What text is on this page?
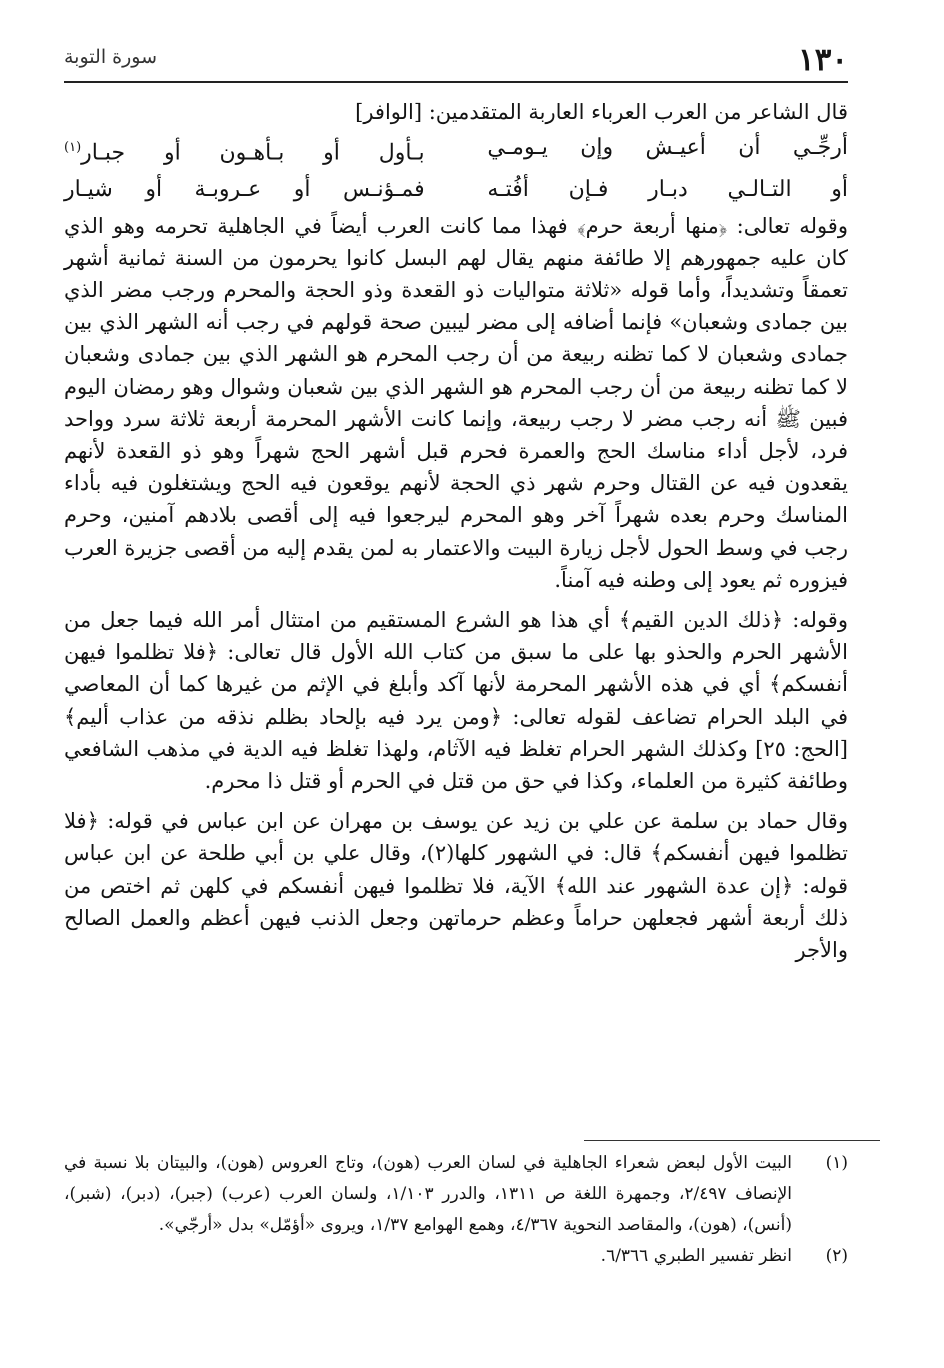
١٣٠
سورة التوبة

قال الشاعر من العرب العرباء العاربة المتقدمين: [الوافر]

أرجِّـي أن أعيـش وإن يـومـي
بـأول أو بـأهـون أو جبـار$^{(١)}$
أو التـالـي دبـار فـإن أفُتـه
فمـؤنـس أو عـروبـة أو شيـار

وقوله تعالى: ﴿منها أربعة حرم﴾ فهذا مما كانت العرب أيضاً في الجاهلية تحرمه وهو الذي كان عليه جمهورهم إلا طائفة منهم يقال لهم البسل كانوا يحرمون من السنة ثمانية أشهر تعمقاً وتشديداً، وأما قوله «ثلاثة متواليات ذو القعدة وذو الحجة والمحرم ورجب مضر الذي بين جمادى وشعبان» فإنما أضافه إلى مضر ليبين صحة قولهم في رجب أنه الشهر الذي بين جمادى وشعبان لا كما تظنه ربيعة من أن رجب المحرم هو الشهر الذي بين جمادى وشعبان لا كما تظنه ربيعة من أن رجب المحرم هو الشهر الذي بين شعبان وشوال وهو رمضان اليوم فبين ﷺ أنه رجب مضر لا رجب ربيعة، وإنما كانت الأشهر المحرمة أربعة ثلاثة سرد وواحد فرد، لأجل أداء مناسك الحج والعمرة فحرم قبل أشهر الحج شهراً وهو ذو القعدة لأنهم يقعدون فيه عن القتال وحرم شهر ذي الحجة لأنهم يوقعون فيه الحج ويشتغلون فيه بأداء المناسك وحرم بعده شهراً آخر وهو المحرم ليرجعوا فيه إلى أقصى بلادهم آمنين، وحرم رجب في وسط الحول لأجل زيارة البيت والاعتمار به لمن يقدم إليه من أقصى جزيرة العرب فيزوره ثم يعود إلى وطنه فيه آمناً.

وقوله: ﴿ذلك الدين القيم﴾ أي هذا هو الشرع المستقيم من امتثال أمر الله فيما جعل من الأشهر الحرم والحذو بها على ما سبق من كتاب الله الأول قال تعالى: ﴿فلا تظلموا فيهن أنفسكم﴾ أي في هذه الأشهر المحرمة لأنها آكد وأبلغ في الإثم من غيرها كما أن المعاصي في البلد الحرام تضاعف لقوله تعالى: ﴿ومن يرد فيه بإلحاد بظلم نذقه من عذاب أليم﴾ [الحج: ٢٥] وكذلك الشهر الحرام تغلظ فيه الآثام، ولهذا تغلظ فيه الدية في مذهب الشافعي وطائفة كثيرة من العلماء، وكذا في حق من قتل في الحرم أو قتل ذا محرم.

وقال حماد بن سلمة عن علي بن زيد عن يوسف بن مهران عن ابن عباس في قوله: ﴿فلا تظلموا فيهن أنفسكم﴾ قال: في الشهور كلها(٢)، وقال علي بن أبي طلحة عن ابن عباس قوله: ﴿إن عدة الشهور عند الله﴾ الآية، فلا تظلموا فيهن أنفسكم في كلهن ثم اختص من ذلك أربعة أشهر فجعلهن حراماً وعظم حرماتهن وجعل الذنب فيهن أعظم والعمل الصالح والأجر

(١)
البيت الأول لبعض شعراء الجاهلية في لسان العرب (هون)، وتاج العروس (هون)، والبيتان بلا نسبة في الإنصاف ٢/٤٩٧، وجمهرة اللغة ص ١٣١١، والدرر ١/١٠٣، ولسان العرب (عرب) (جبر)، (دبر)، (شبر)، (أنس)، (هون)، والمقاصد النحوية ٤/٣٦٧، وهمع الهوامع ١/٣٧، ويروى «أؤمّل» بدل «أرجّي».
(٢)
انظر تفسير الطبري ٦/٣٦٦.
